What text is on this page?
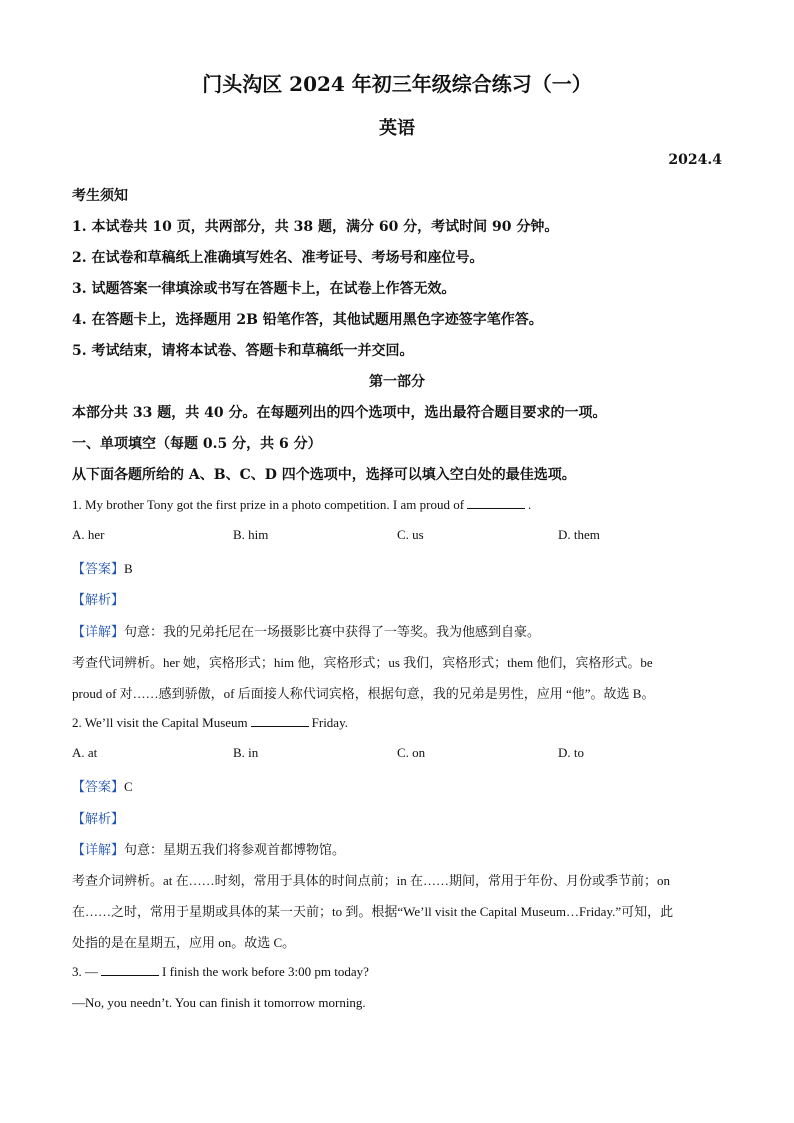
门头沟区 2024 年初三年级综合练习（一）
英语
2024.4
考生须知
1. 本试卷共 10 页，共两部分，共 38 题，满分 60 分，考试时间 90 分钟。
2. 在试卷和草稿纸上准确填写姓名、准考证号、考场号和座位号。
3. 试题答案一律填涂或书写在答题卡上，在试卷上作答无效。
4. 在答题卡上，选择题用 2B 铅笔作答，其他试题用黑色字迹签字笔作答。
5. 考试结束，请将本试卷、答题卡和草稿纸一并交回。
第一部分
本部分共 33 题，共 40 分。在每题列出的四个选项中，选出最符合题目要求的一项。
一、单项填空（每题 0.5 分，共 6 分）
从下面各题所给的 A、B、C、D 四个选项中，选择可以填入空白处的最佳选项。
1. My brother Tony got the first prize in a photo competition. I am proud of	.
A. her	B. him	C. us	D. them
【答案】B
【解析】
【详解】句意：我的兄弟托尼在一场摄影比赛中获得了一等奖。我为他感到自豪。
考查代词辨析。her 她，宾格形式；him 他，宾格形式；us 我们，宾格形式；them 他们，宾格形式。be
proud of 对……感到骄傲，of 后面接人称代词宾格，根据句意，我的兄弟是男性，应用 “他”。故选 B。
2. We’ll visit the Capital Museum	Friday.
A. at	B. in	C. on	D. to
【答案】C
【解析】
【详解】句意：星期五我们将参观首都博物馆。
考查介词辨析。at 在……时刻，常用于具体的时间点前；in 在……期间，常用于年份、月份或季节前；on
在……之时，常用于星期或具体的某一天前；to 到。根据“We’ll visit the Capital Museum…Friday.”可知，此
处指的是在星期五，应用 on。故选 C。
3. —	I finish the work before 3:00 pm today?
—No, you needn’t. You can finish it tomorrow morning.
